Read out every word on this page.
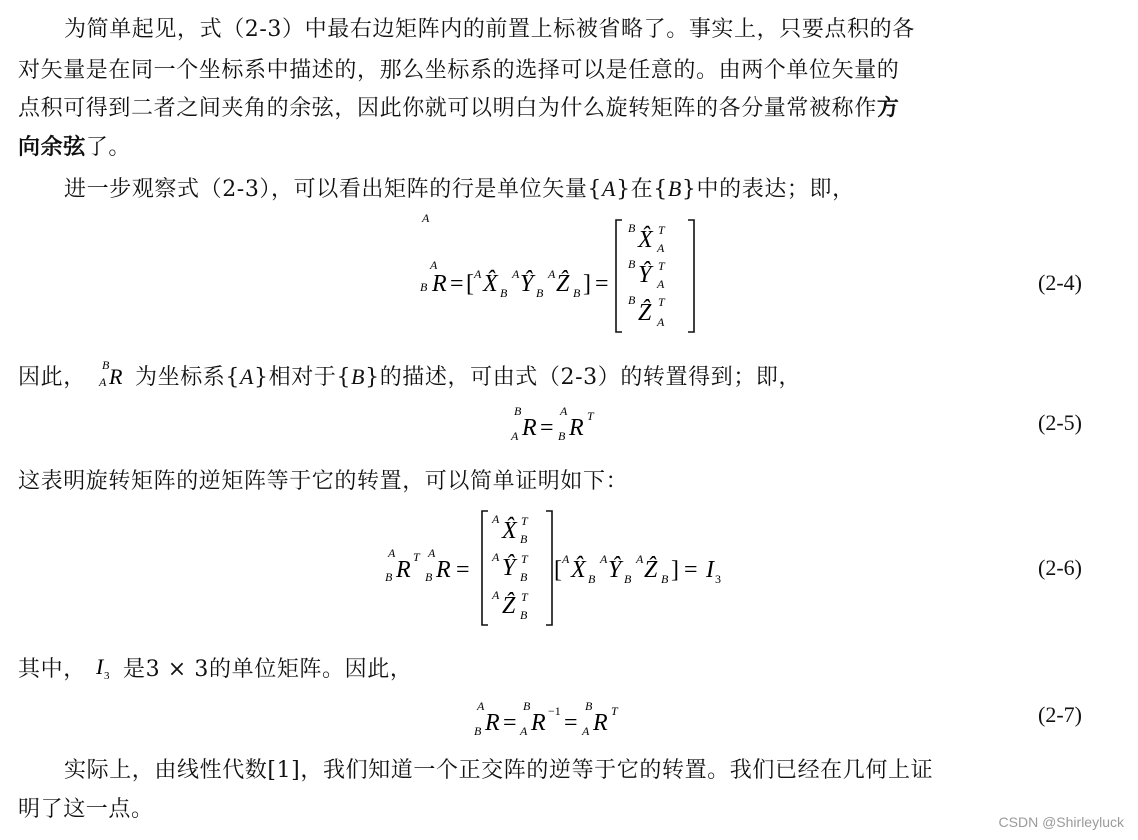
为简单起见，式（2-3）中最右边矩阵内的前置上标被省略了。事实上，只要点积的各
对矢量是在同一个坐标系中描述的，那么坐标系的选择可以是任意的。由两个单位矢量的
点积可得到二者之间夹角的余弦，因此你就可以明白为什么旋转矩阵的各分量常被称作方
向余弦了。
进一步观察式（2-3），可以看出矩阵的行是单位矢量{A}在{B}中的表达；即，
A
B
A
R = [ A X̂ B
A Ŷ B
A Ẑ B ] =
B X̂ T
A
B Ŷ T
A
B Ẑ T
A
(2-4)
因此， B
A R 为坐标系{A}相对于{B}的描述，可由式（2-3）的转置得到；即，
B
A R =
A
B R T	(2-5)
这表明旋转矩阵的逆矩阵等于它的转置，可以简单证明如下：
A
B R T A
B R =
A X̂ T
B
A Ŷ T
B
A Ẑ T
B
[ A X̂ B
A Ŷ B
A Ẑ B ] = I 3	(2-6)
其中， I 3 是3 × 3的单位矩阵。因此，
A
B R =
B
A R −1 =
B
A R T	(2-7)
实际上，由线性代数[1]，我们知道一个正交阵的逆等于它的转置。我们已经在几何上证
明了这一点。	CSDN @Shirleyluck
